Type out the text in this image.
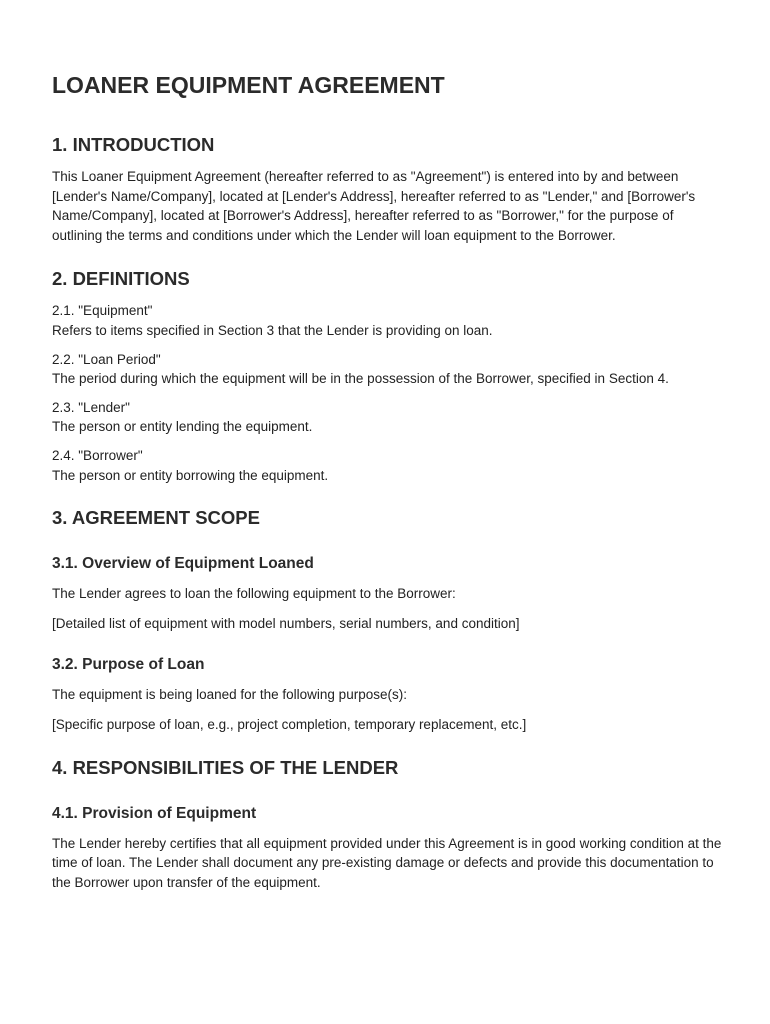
LOANER EQUIPMENT AGREEMENT
1. INTRODUCTION

This Loaner Equipment Agreement (hereafter referred to as "Agreement") is entered into by and between [Lender's Name/Company], located at [Lender's Address], hereafter referred to as "Lender," and [Borrower's Name/Company], located at [Borrower's Address], hereafter referred to as "Borrower," for the purpose of outlining the terms and conditions under which the Lender will loan equipment to the Borrower.

2. DEFINITIONS
2.1. "Equipment"
Refers to items specified in Section 3 that the Lender is providing on loan.
2.2. "Loan Period"
The period during which the equipment will be in the possession of the Borrower, specified in Section 4.
2.3. "Lender"
The person or entity lending the equipment.
2.4. "Borrower"
The person or entity borrowing the equipment.
3. AGREEMENT SCOPE
3.1. Overview of Equipment Loaned

The Lender agrees to loan the following equipment to the Borrower:

[Detailed list of equipment with model numbers, serial numbers, and condition]

3.2. Purpose of Loan

The equipment is being loaned for the following purpose(s):

[Specific purpose of loan, e.g., project completion, temporary replacement, etc.]

4. RESPONSIBILITIES OF THE LENDER
4.1. Provision of Equipment

The Lender hereby certifies that all equipment provided under this Agreement is in good working condition at the time of loan. The Lender shall document any pre-existing damage or defects and provide this documentation to the Borrower upon transfer of the equipment.
